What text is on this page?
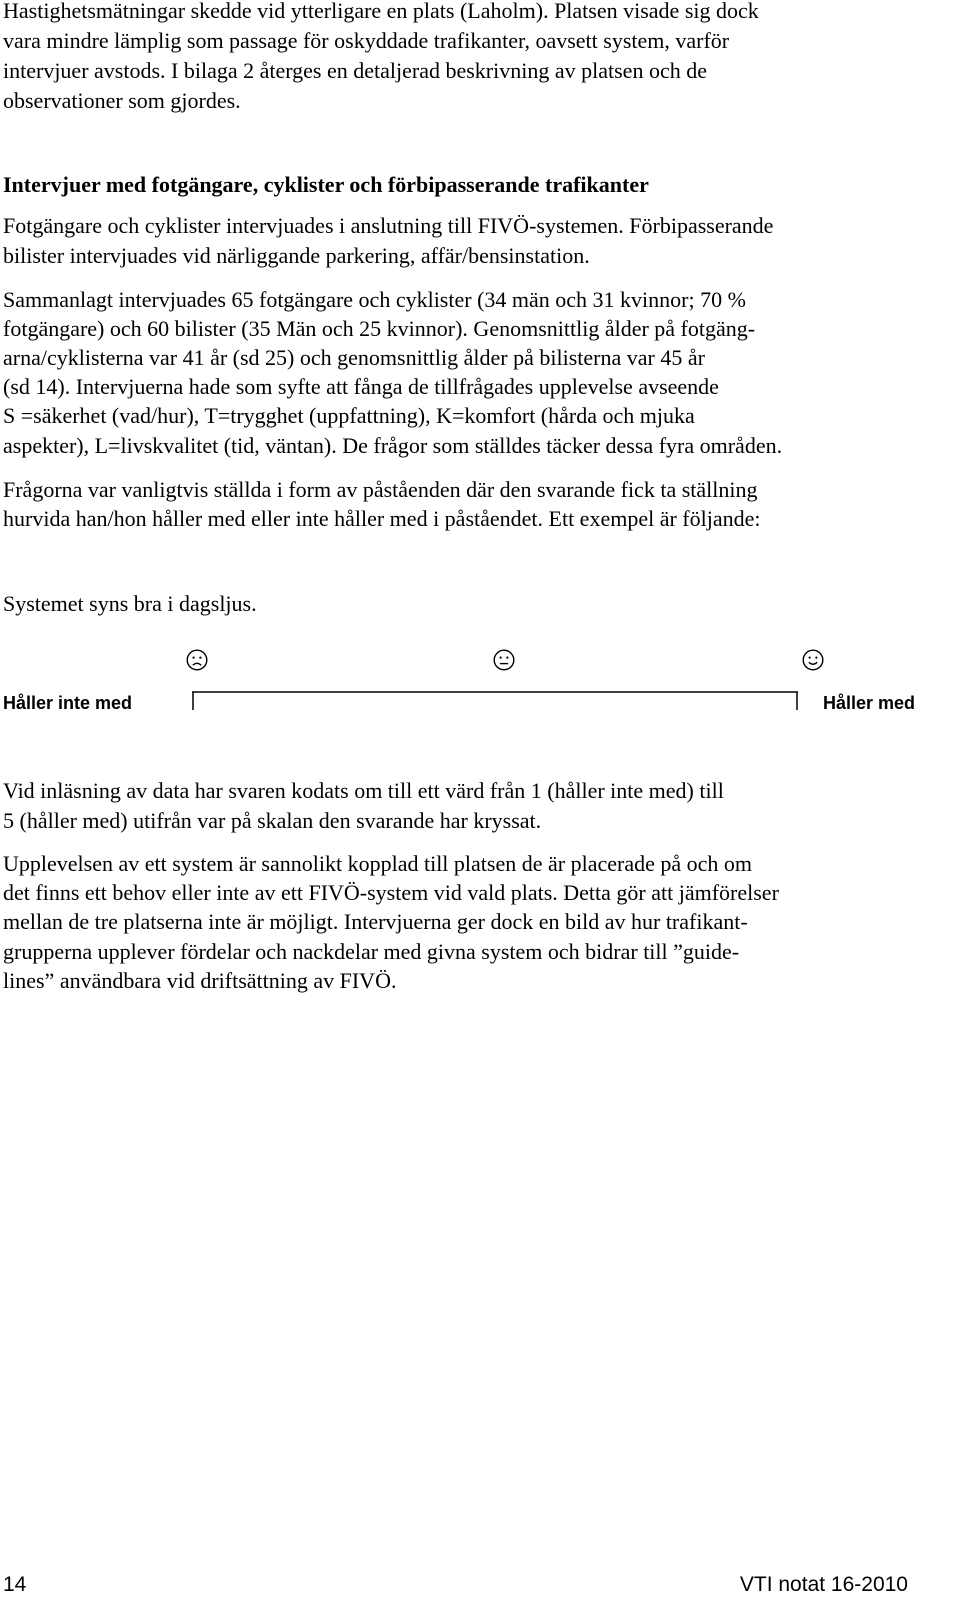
Hastighetsmätningar skedde vid ytterligare en plats (Laholm). Platsen visade sig dock
vara mindre lämplig som passage för oskyddade trafikanter, oavsett system, varför
intervjuer avstods. I bilaga 2 återges en detaljerad beskrivning av platsen och de
observationer som gjordes.
Intervjuer med fotgängare, cyklister och förbipasserande trafikanter
Fotgängare och cyklister intervjuades i anslutning till FIVÖ-systemen. Förbipasserande
bilister intervjuades vid närliggande parkering, affär/bensinstation.
Sammanlagt intervjuades 65 fotgängare och cyklister (34 män och 31 kvinnor; 70 %
fotgängare) och 60 bilister (35 Män och 25 kvinnor). Genomsnittlig ålder på fotgäng-
arna/cyklisterna var 41 år (sd 25) och genomsnittlig ålder på bilisterna var 45 år
(sd 14). Intervjuerna hade som syfte att fånga de tillfrågades upplevelse avseende
S =säkerhet (vad/hur), T=trygghet (uppfattning), K=komfort (hårda och mjuka
aspekter), L=livskvalitet (tid, väntan). De frågor som ställdes täcker dessa fyra områden.
Frågorna var vanligtvis ställda i form av påståenden där den svarande fick ta ställning
hurvida han/hon håller med eller inte håller med i påståendet. Ett exempel är följande:
Systemet syns bra i dagsljus.
Håller inte med	Håller med
Vid inläsning av data har svaren kodats om till ett värd från 1 (håller inte med) till
5 (håller med) utifrån var på skalan den svarande har kryssat.
Upplevelsen av ett system är sannolikt kopplad till platsen de är placerade på och om
det finns ett behov eller inte av ett FIVÖ-system vid vald plats. Detta gör att jämförelser
mellan de tre platserna inte är möjligt. Intervjuerna ger dock en bild av hur trafikant-
grupperna upplever fördelar och nackdelar med givna system och bidrar till ”guide-
lines” användbara vid driftsättning av FIVÖ.
14	VTI notat 16-2010
